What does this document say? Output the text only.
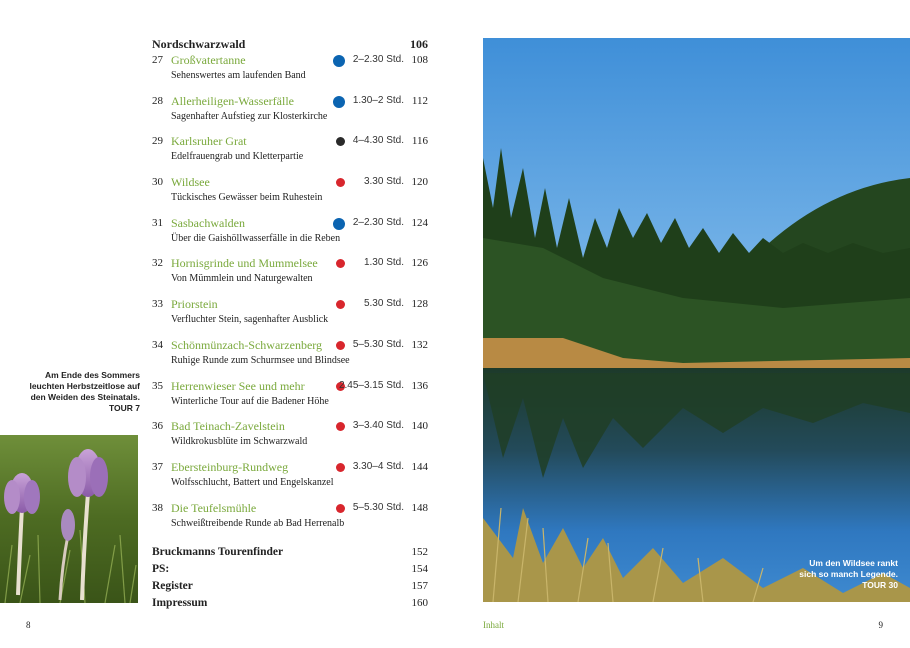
Nordschwarzwald	106
27 Großvatertanne
Sehenswertes am laufenden Band
2–2.30 Std. 108
28 Allerheiligen-Wasserfälle
Sagenhafter Aufstieg zur Klosterkirche
1.30–2 Std. 112
29 Karlsruher Grat
Edelfrauengrab und Kletterpartie
4–4.30 Std. 116
30 Wildsee
Tückisches Gewässer beim Ruhestein
3.30 Std. 120
31 Sasbachwalden
Über die Gaishöllwasserfälle in die Reben
2–2.30 Std. 124
32 Hornisgrinde und Mummelsee
Von Mümmlein und Naturgewalten
1.30 Std. 126
33 Priorstein
Verfluchter Stein, sagenhafter Ausblick
5.30 Std. 128
34 Schönmünzach-Schwarzenberg
Ruhige Runde zum Schurmsee und Blindsee
5–5.30 Std. 132
35 Herrenwieser See und mehr
Winterliche Tour auf die Badener Höhe
2.45–3.15 Std. 136
36 Bad Teinach-Zavelstein
Wildkrokusblüte im Schwarzwald
3–3.40 Std. 140
37 Ebersteinburg-Rundweg
Wolfsschlucht, Battert und Engelskanzel
3.30–4 Std. 144
38 Die Teufelsmühle
Schweißtreibende Runde ab Bad Herrenalb
5–5.30 Std. 148
Bruckmanns Tourenfinder	152
PS:	154
Register	157
Impressum	160
Am Ende des Sommers
leuchten Herbstzeitlose auf
den Weiden des Steinatals.
TOUR 7
8
Um den Wildsee rankt
sich so manch Legende.
TOUR 30
Inhalt	9
